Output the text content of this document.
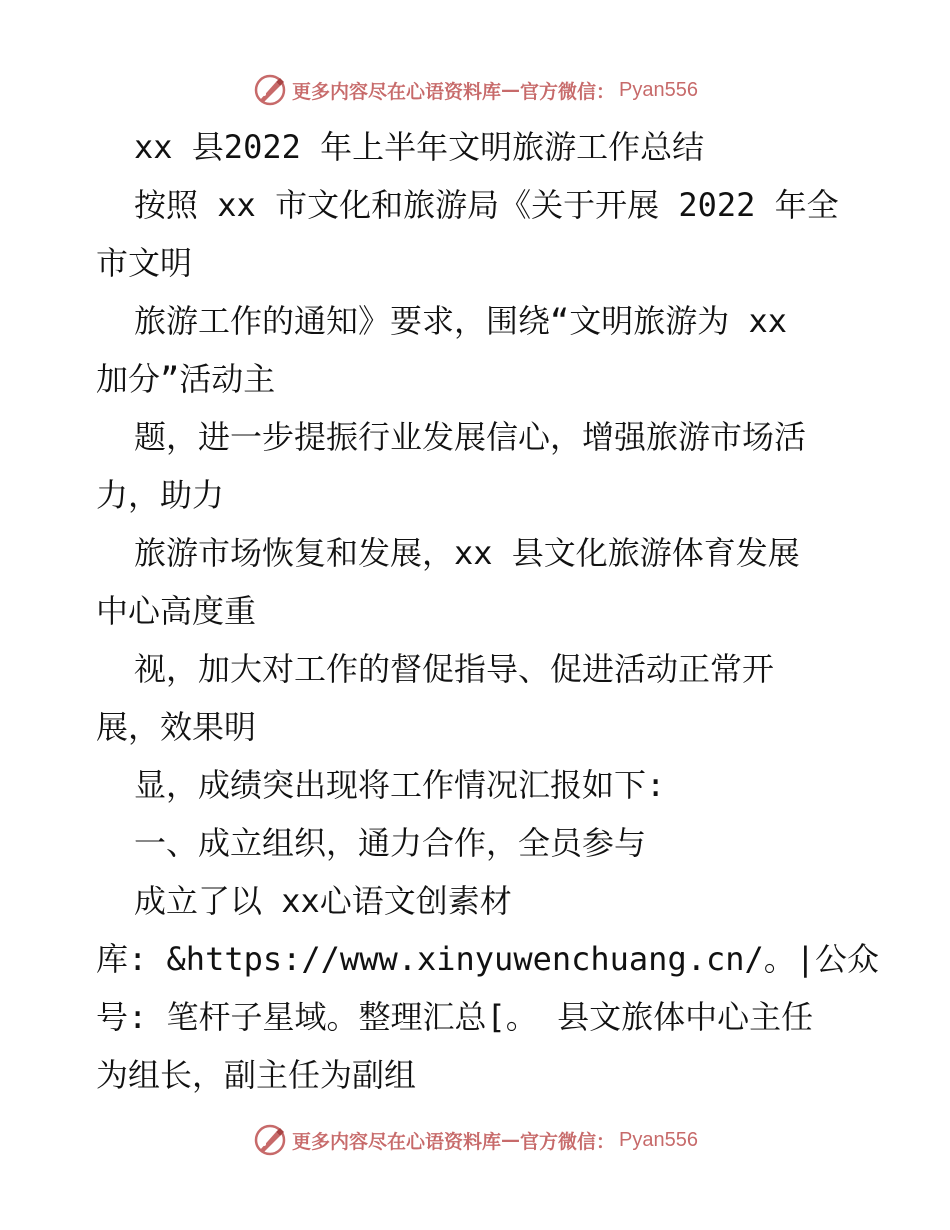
更多内容尽在心语资料库 — 官方微信： Pyan556
xx 县2022 年上半年文明旅游工作总结
按照 xx 市文化和旅游局《关于开展 2022 年全
市文明
旅游工作的通知》要求，围绕“文明旅游为 xx
加分”活动主
题，进一步提振行业发展信心，增强旅游市场活
力，助力
旅游市场恢复和发展，xx 县文化旅游体育发展
中心高度重
视，加大对工作的督促指导、促进活动正常开
展，效果明
显，成绩突出现将工作情况汇报如下:
一、成立组织，通力合作，全员参与
成立了以 xx心语文创素材
库: &https://www.xinyuwenchuang.cn/。|公众
号: 笔杆子星域。整理汇总[。 县文旅体中心主任
为组长，副主任为副组
更多内容尽在心语资料库 — 官方微信： Pyan556
